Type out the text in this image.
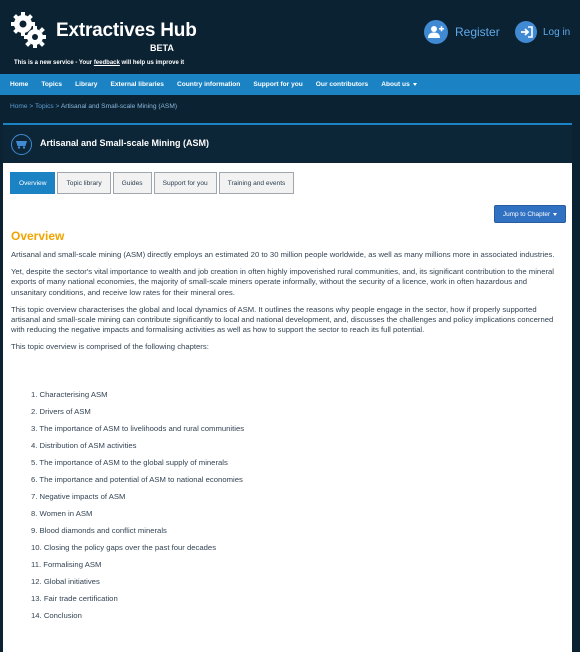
Extractives Hub
BETA
This is a new service - Your feedback will help us improve it
Register	Log in
Home Topics Library External libraries Country information Support for you Our contributors About us
Home > Topics > Artisanal and Small-scale Mining (ASM)
Artisanal and Small-scale Mining (ASM)
Overview	Topic library	Guides	Support for you	Training and events
Jump to Chapter
Overview

Artisanal and small-scale mining (ASM) directly employs an estimated 20 to 30 million people worldwide, as well as many millions more in associated industries.

Yet, despite the sector's vital importance to wealth and job creation in often highly impoverished rural communities, and, its significant contribution to the mineral exports of many national economies, the majority of small-scale miners operate informally, without the security of a licence, work in often hazardous and unsanitary conditions, and receive low rates for their mineral ores.

This topic overview characterises the global and local dynamics of ASM. It outlines the reasons why people engage in the sector, how if properly supported artisanal and small-scale mining can contribute significantly to local and national development, and, discusses the challenges and policy implications concerned with reducing the negative impacts and formalising activities as well as how to support the sector to reach its full potential.

This topic overview is comprised of the following chapters:

1. Characterising ASM
2. Drivers of ASM
3. The importance of ASM to livelihoods and rural communities
4. Distribution of ASM activities
5. The importance of ASM to the global supply of minerals
6. The importance and potential of ASM to national economies
7. Negative impacts of ASM
8. Women in ASM
9. Blood diamonds and conflict minerals
10. Closing the policy gaps over the past four decades
11. Formalising ASM
12. Global initiatives
13. Fair trade certification
14. Conclusion
